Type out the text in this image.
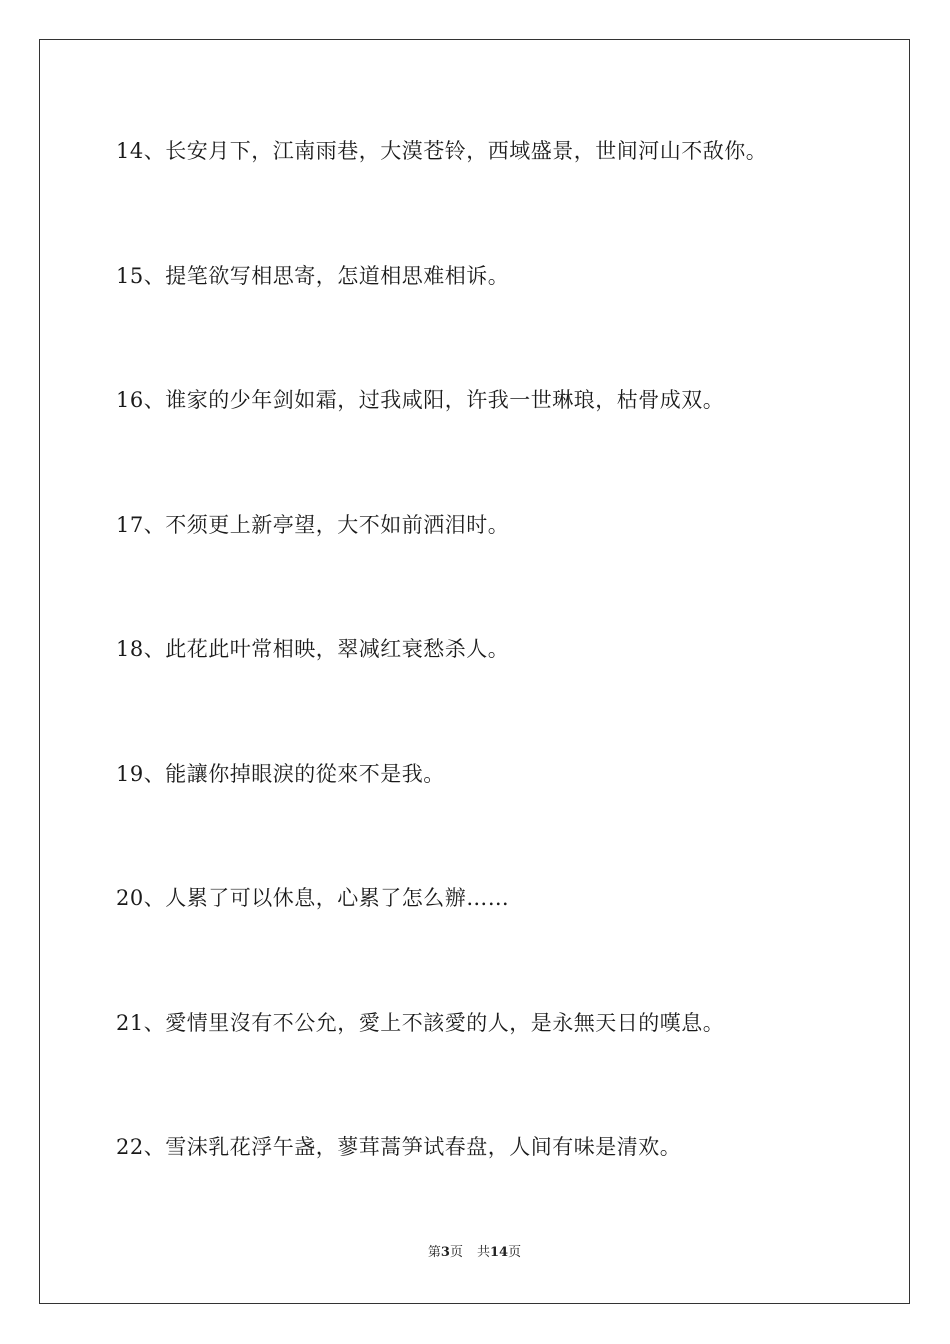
14、长安月下，江南雨巷，大漠苍铃，西域盛景，世间河山不敌你。
15、提笔欲写相思寄，怎道相思难相诉。
16、谁家的少年剑如霜，过我咸阳，许我一世琳琅，枯骨成双。
17、不须更上新亭望，大不如前洒泪时。
18、此花此叶常相映，翠减红衰愁杀人。
19、能讓你掉眼淚的從來不是我。
20、人累了可以休息，心累了怎么辦……
21、愛情里沒有不公允，愛上不該愛的人，是永無天日的嘆息。
22、雪沫乳花浮午盏，蓼茸蒿笋试春盘，人间有味是清欢。
第3页 共14页
